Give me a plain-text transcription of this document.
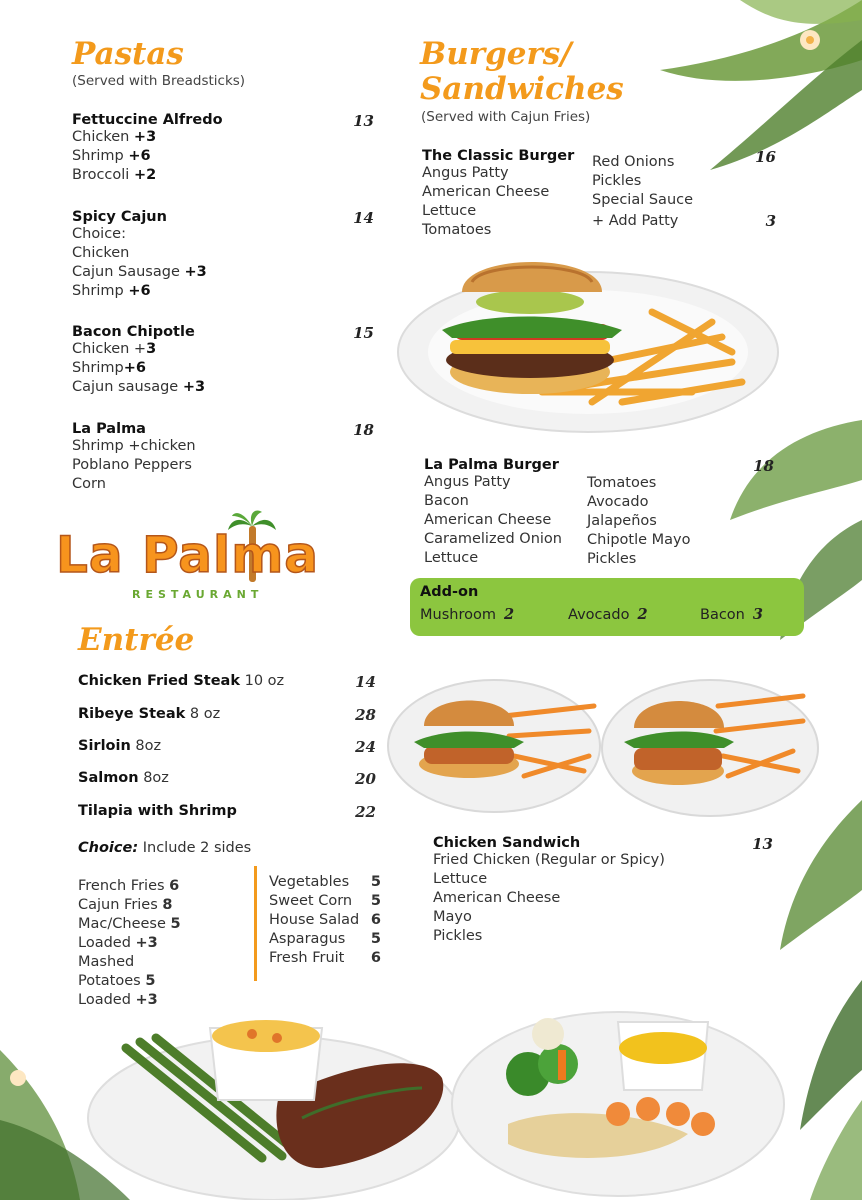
Pastas
(Served with Breadsticks)
Fettuccine Alfredo	13
Chicken +3
Shrimp +6
Broccoli +2
Spicy Cajun	14
Choice:
Chicken
Cajun Sausage +3
Shrimp +6
Bacon Chipotle	15
Chicken +3
Shrimp+6
Cajun sausage +3
La Palma	18
Shrimp +chicken
Poblano Peppers
Corn
La Palma
RESTAURANT
Entrée
Chicken Fried Steak 10 oz	14
Ribeye Steak 8 oz	28
Sirloin 8oz	24
Salmon 8oz	20
Tilapia with Shrimp	22
Choice: Include 2 sides
French Fries 6
Cajun Fries 8
Mac/Cheese 5
Loaded +3
Mashed Potatoes 5
Loaded +3
Vegetables 5
Sweet Corn 5
House Salad 6
Asparagus 5
Fresh Fruit 6
Burgers/
Sandwiches
(Served with Cajun Fries)
The Classic Burger	16
Angus Patty
American Cheese
Lettuce
Tomatoes
Red Onions
Pickles
Special Sauce
+ Add Patty	3
La Palma Burger	18
Angus Patty
Bacon
American Cheese
Caramelized Onion
Lettuce
Tomatoes
Avocado
Jalapeños
Chipotle Mayo
Pickles
Add-on
Mushroom 2	Avocado 2	Bacon 3
Chicken Sandwich	13
Fried Chicken (Regular or Spicy)
Lettuce
American Cheese
Mayo
Pickles
